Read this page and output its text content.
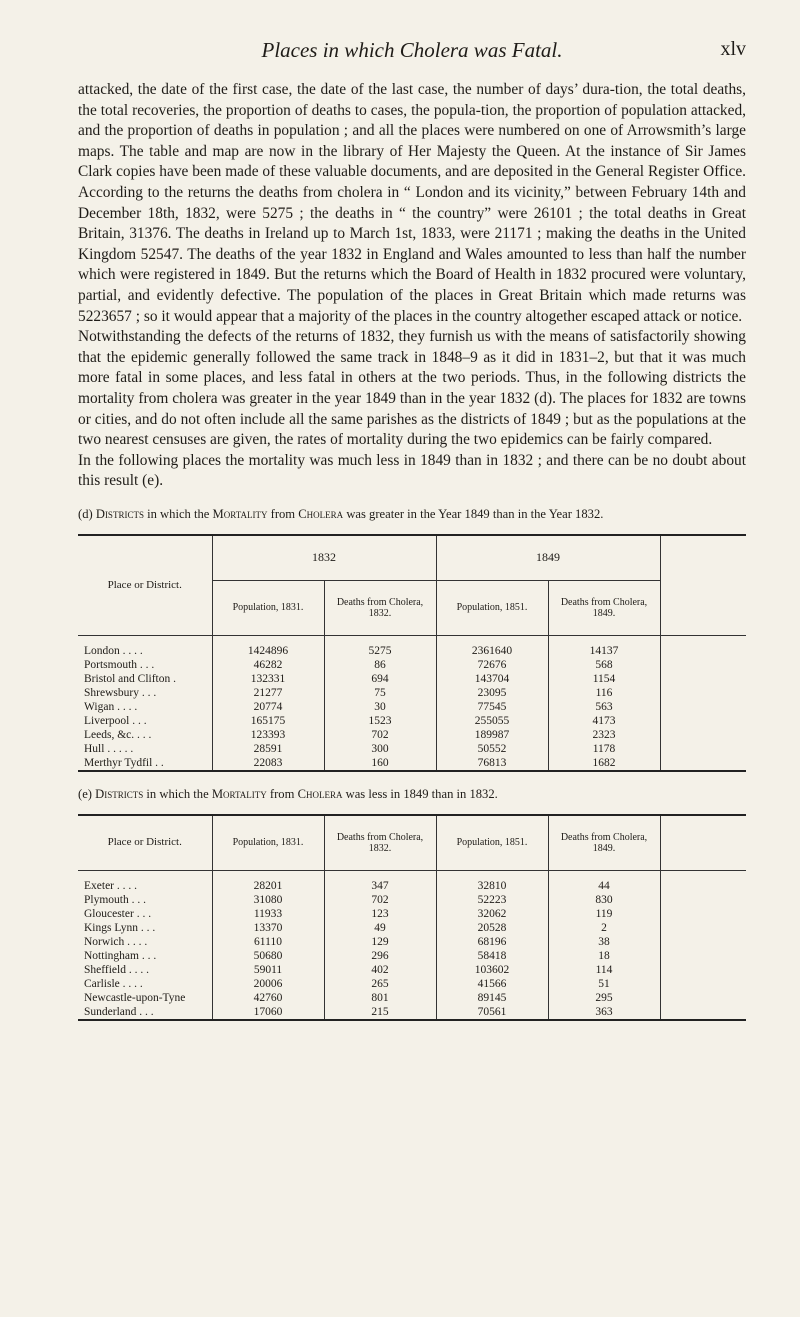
Places in which Cholera was Fatal.	xlv

attacked, the date of the first case, the date of the last case, the number of days’ dura-tion, the total deaths, the total recoveries, the proportion of deaths to cases, the popula-tion, the proportion of population attacked, and the proportion of deaths in population ; and all the places were numbered on one of Arrowsmith’s large maps. The table and map are now in the library of Her Majesty the Queen. At the instance of Sir James Clark copies have been made of these valuable documents, and are deposited in the General Register Office. According to the returns the deaths from cholera in “ London and its vicinity,” between February 14th and December 18th, 1832, were 5275 ; the deaths in “ the country” were 26101 ; the total deaths in Great Britain, 31376. The deaths in Ireland up to March 1st, 1833, were 21171 ; making the deaths in the United Kingdom 52547. The deaths of the year 1832 in England and Wales amounted to less than half the number which were registered in 1849. But the returns which the Board of Health in 1832 procured were voluntary, partial, and evidently defective. The population of the places in Great Britain which made returns was 5223657 ; so it would appear that a majority of the places in the country altogether escaped attack or notice.

Notwithstanding the defects of the returns of 1832, they furnish us with the means of satisfactorily showing that the epidemic generally followed the same track in 1848–9 as it did in 1831–2, but that it was much more fatal in some places, and less fatal in others at the two periods. Thus, in the following districts the mortality from cholera was greater in the year 1849 than in the year 1832 (d). The places for 1832 are towns or cities, and do not often include all the same parishes as the districts of 1849 ; but as the populations at the two nearest censuses are given, the rates of mortality during the two epidemics can be fairly compared.

In the following places the mortality was much less in 1849 than in 1832 ; and there can be no doubt about this result (e).

(d) Districts in which the Mortality from Cholera was greater in the Year 1849 than in the Year 1832.
Place or District.	1832		1849		
	Population, 1831.	Deaths from Cholera, 1832.	Population, 1851.	Deaths from Cholera, 1849.	

London . . . .	1424896	5275	2361640	14137	
Portsmouth . . .	46282	86	72676	568	
Bristol and Clifton .	132331	694	143704	1154	
Shrewsbury . . .	21277	75	23095	116	
Wigan . . . .	20774	30	77545	563	
Liverpool . . .	165175	1523	255055	4173	
Leeds, &c. . . .	123393	702	189987	2323	
Hull . . . . .	28591	300	50552	1178	
Merthyr Tydfil . .	22083	160	76813	1682	
(e) Districts in which the Mortality from Cholera was less in 1849 than in 1832.
Place or District.	Population, 1831.	Deaths from Cholera, 1832.	Population, 1851.	Deaths from Cholera, 1849.	

Exeter . . . .	28201	347	32810	44	
Plymouth . . .	31080	702	52223	830	
Gloucester . . .	11933	123	32062	119	
Kings Lynn . . .	13370	49	20528	2	
Norwich . . . .	61110	129	68196	38	
Nottingham . . .	50680	296	58418	18	
Sheffield . . . .	59011	402	103602	114	
Carlisle . . . .	20006	265	41566	51	
Newcastle-upon-Tyne	42760	801	89145	295	
Sunderland . . .	17060	215	70561	363	
